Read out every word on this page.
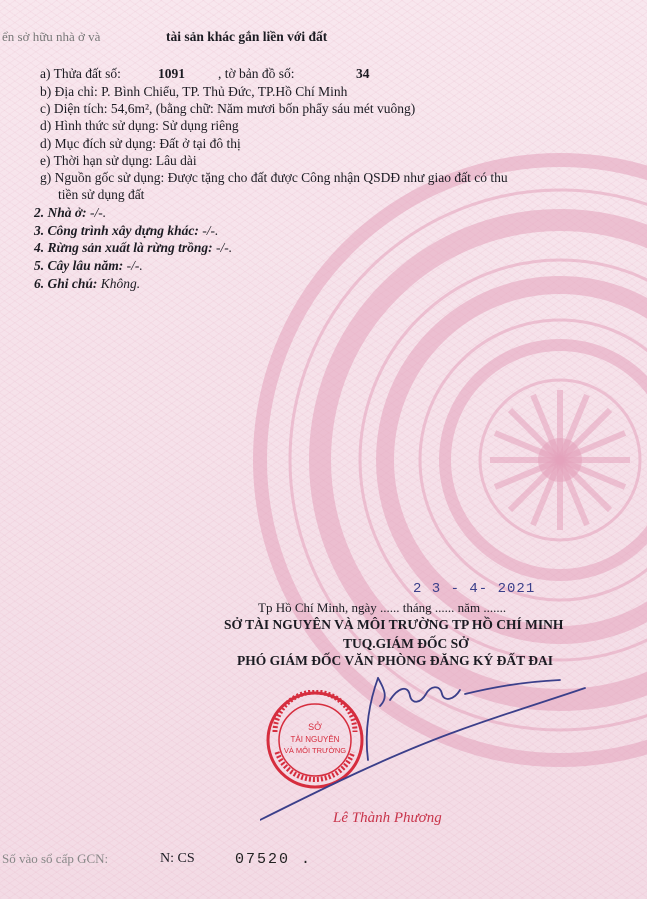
ển sở hữu nhà ở và	tài sản khác gắn liền với đất
a) Thửa đất số:	1091 , tờ bản đồ số:	34
b) Địa chỉ: P. Bình Chiểu, TP. Thủ Đức, TP.Hồ Chí Minh
c) Diện tích: 54,6m², (bằng chữ: Năm mươi bốn phẩy sáu mét vuông)
d) Hình thức sử dụng: Sử dụng riêng
d) Mục đích sử dụng: Đất ở tại đô thị
e) Thời hạn sử dụng: Lâu dài
g) Nguồn gốc sử dụng: Được tặng cho đất được Công nhận QSDĐ như giao đất có thu
tiền sử dụng đất
2. Nhà ở: -/-.
3. Công trình xây dựng khác: -/-.
4. Rừng sản xuất là rừng trồng: -/-.
5. Cây lâu năm: -/-.
6. Ghi chú: Không.
2 3 - 4- 2021
Tp Hồ Chí Minh, ngày ...... tháng ...... năm .......
SỞ TÀI NGUYÊN VÀ MÔI TRƯỜNG TP HỒ CHÍ MINH
TUQ.GIÁM ĐỐC SỞ
PHÓ GIÁM ĐỐC VĂN PHÒNG ĐĂNG KÝ ĐẤT ĐAI
SỞ
TÀI NGUYÊN
VÀ MÔI TRƯỜNG
Lê Thành Phương
Số vào sổ cấp GCN:	N: CS	07520 .
